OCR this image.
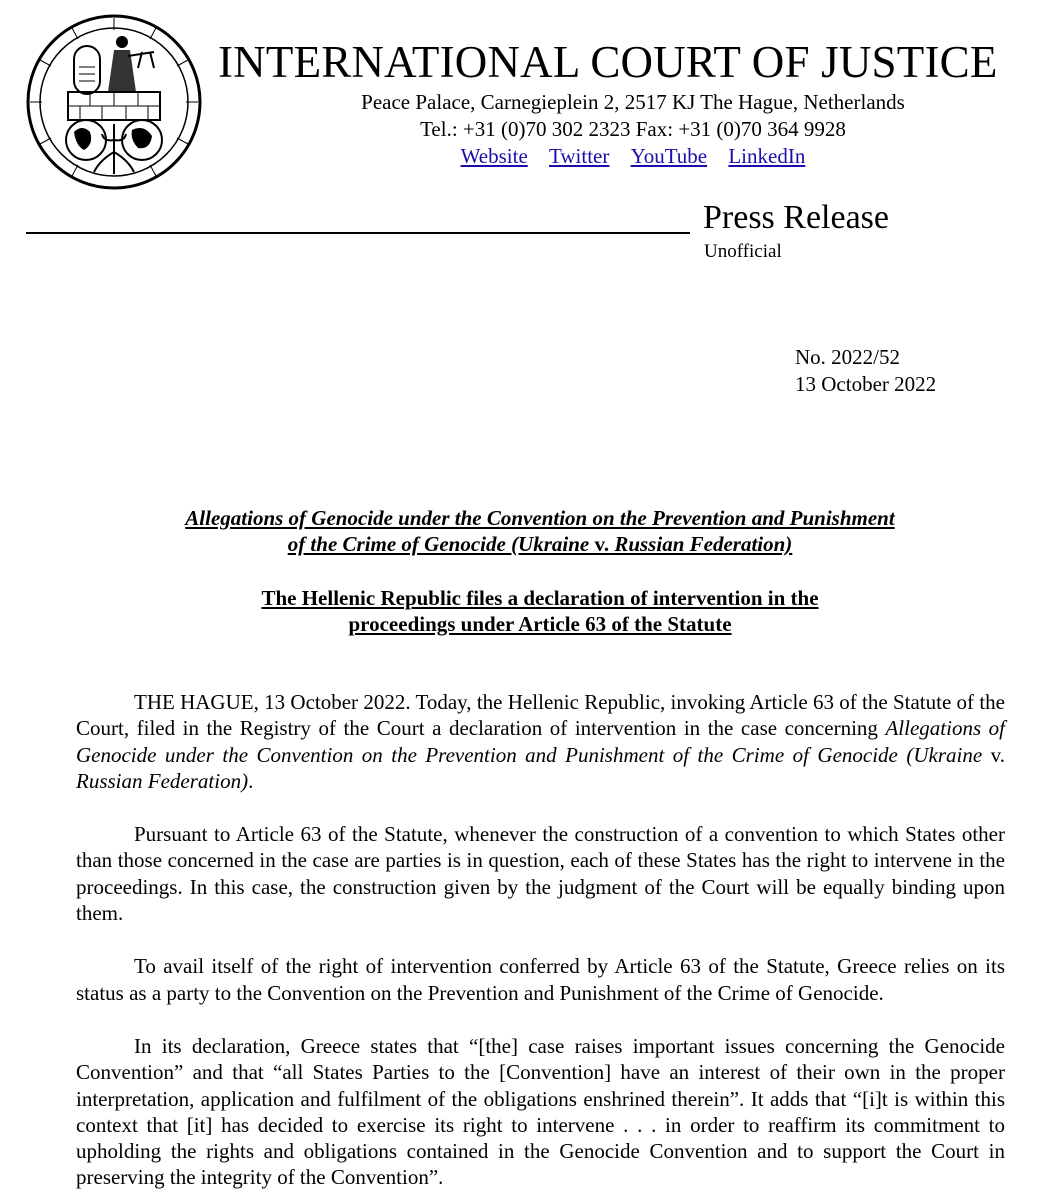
INTERNATIONAL COURT OF JUSTICE
Peace Palace, Carnegieplein 2, 2517 KJ The Hague, Netherlands
Tel.: +31 (0)70 302 2323 Fax: +31 (0)70 364 9928
Website Twitter YouTube LinkedIn
Press Release
Unofficial
No. 2022/52
13 October 2022
Allegations of Genocide under the Convention on the Prevention and Punishment
of the Crime of Genocide (Ukraine v. Russian Federation)
The Hellenic Republic files a declaration of intervention in the
proceedings under Article 63 of the Statute

THE HAGUE, 13 October 2022. Today, the Hellenic Republic, invoking Article 63 of the Statute of the Court, filed in the Registry of the Court a declaration of intervention in the case concerning Allegations of Genocide under the Convention on the Prevention and Punishment of the Crime of Genocide (Ukraine v. Russian Federation).

Pursuant to Article 63 of the Statute, whenever the construction of a convention to which States other than those concerned in the case are parties is in question, each of these States has the right to intervene in the proceedings. In this case, the construction given by the judgment of the Court will be equally binding upon them.

To avail itself of the right of intervention conferred by Article 63 of the Statute, Greece relies on its status as a party to the Convention on the Prevention and Punishment of the Crime of Genocide.

In its declaration, Greece states that “[the] case raises important issues concerning the Genocide Convention” and that “all States Parties to the [Convention] have an interest of their own in the proper interpretation, application and fulfilment of the obligations enshrined therein”. It adds that “[i]t is within this context that [it] has decided to exercise its right to intervene . . . in order to reaffirm its commitment to upholding the rights and obligations contained in the Genocide Convention and to support the Court in preserving the integrity of the Convention”.
